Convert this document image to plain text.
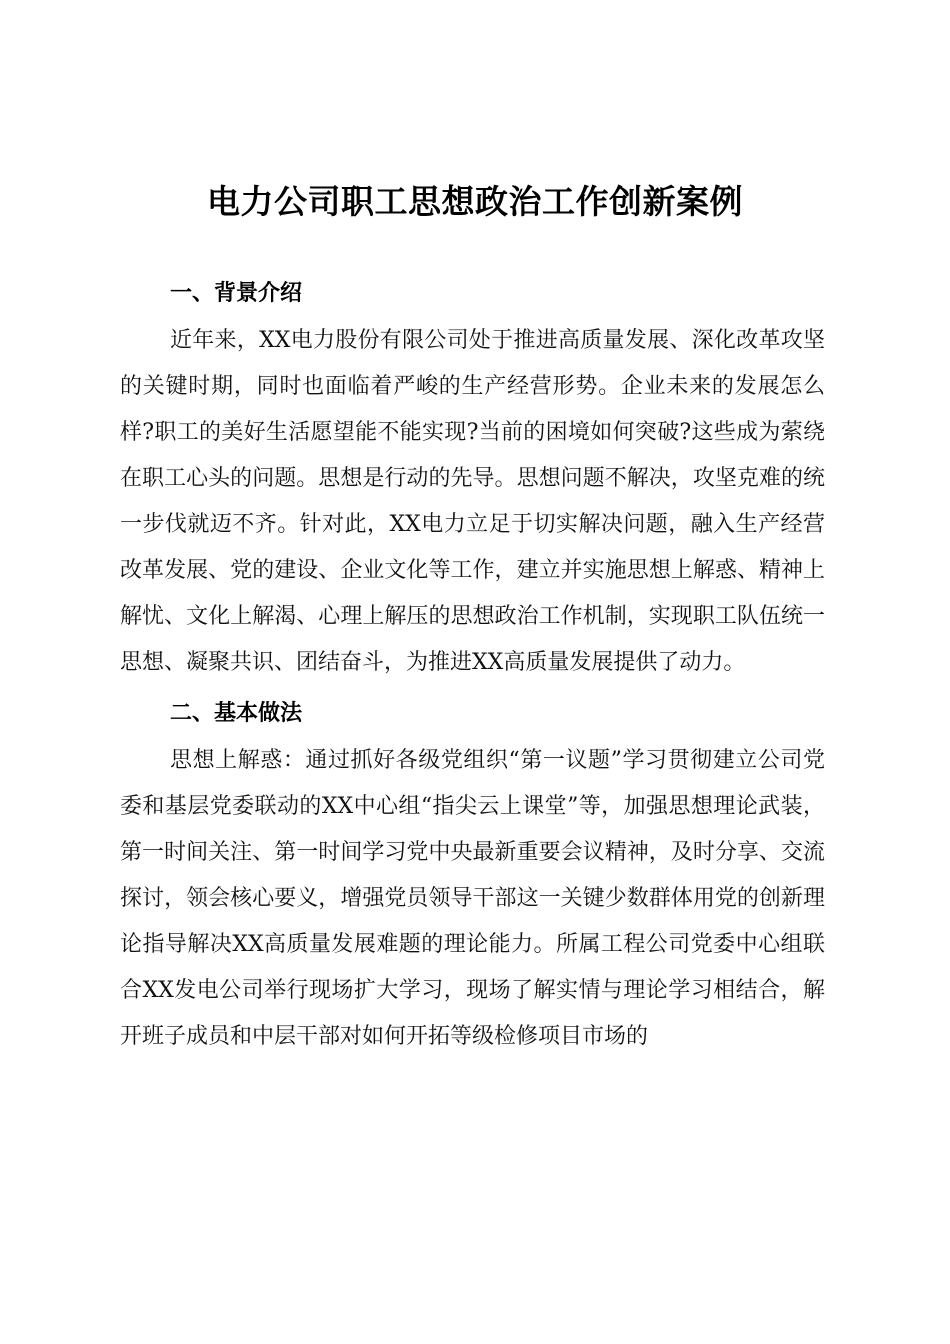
电力公司职工思想政治工作创新案例
一、背景介绍

近年来，XX电力股份有限公司处于推进高质量发展、深化改革攻坚的关键时期，同时也面临着严峻的生产经营形势。企业未来的发展怎么样?职工的美好生活愿望能不能实现?当前的困境如何突破?这些成为萦绕在职工心头的问题。思想是行动的先导。思想问题不解决，攻坚克难的统一步伐就迈不齐。针对此，XX电力立足于切实解决问题，融入生产经营改革发展、党的建设、企业文化等工作，建立并实施思想上解惑、精神上解忧、文化上解渴、心理上解压的思想政治工作机制，实现职工队伍统一思想、凝聚共识、团结奋斗，为推进XX高质量发展提供了动力。

二、基本做法

思想上解惑：通过抓好各级党组织“第一议题”学习贯彻建立公司党委和基层党委联动的XX中心组“指尖云上课堂”等，加强思想理论武装，第一时间关注、第一时间学习党中央最新重要会议精神，及时分享、交流探讨，领会核心要义，增强党员领导干部这一关键少数群体用党的创新理论指导解决XX高质量发展难题的理论能力。所属工程公司党委中心组联合XX发电公司举行现场扩大学习，现场了解实情与理论学习相结合，解开班子成员和中层干部对如何开拓等级检修项目市场的
